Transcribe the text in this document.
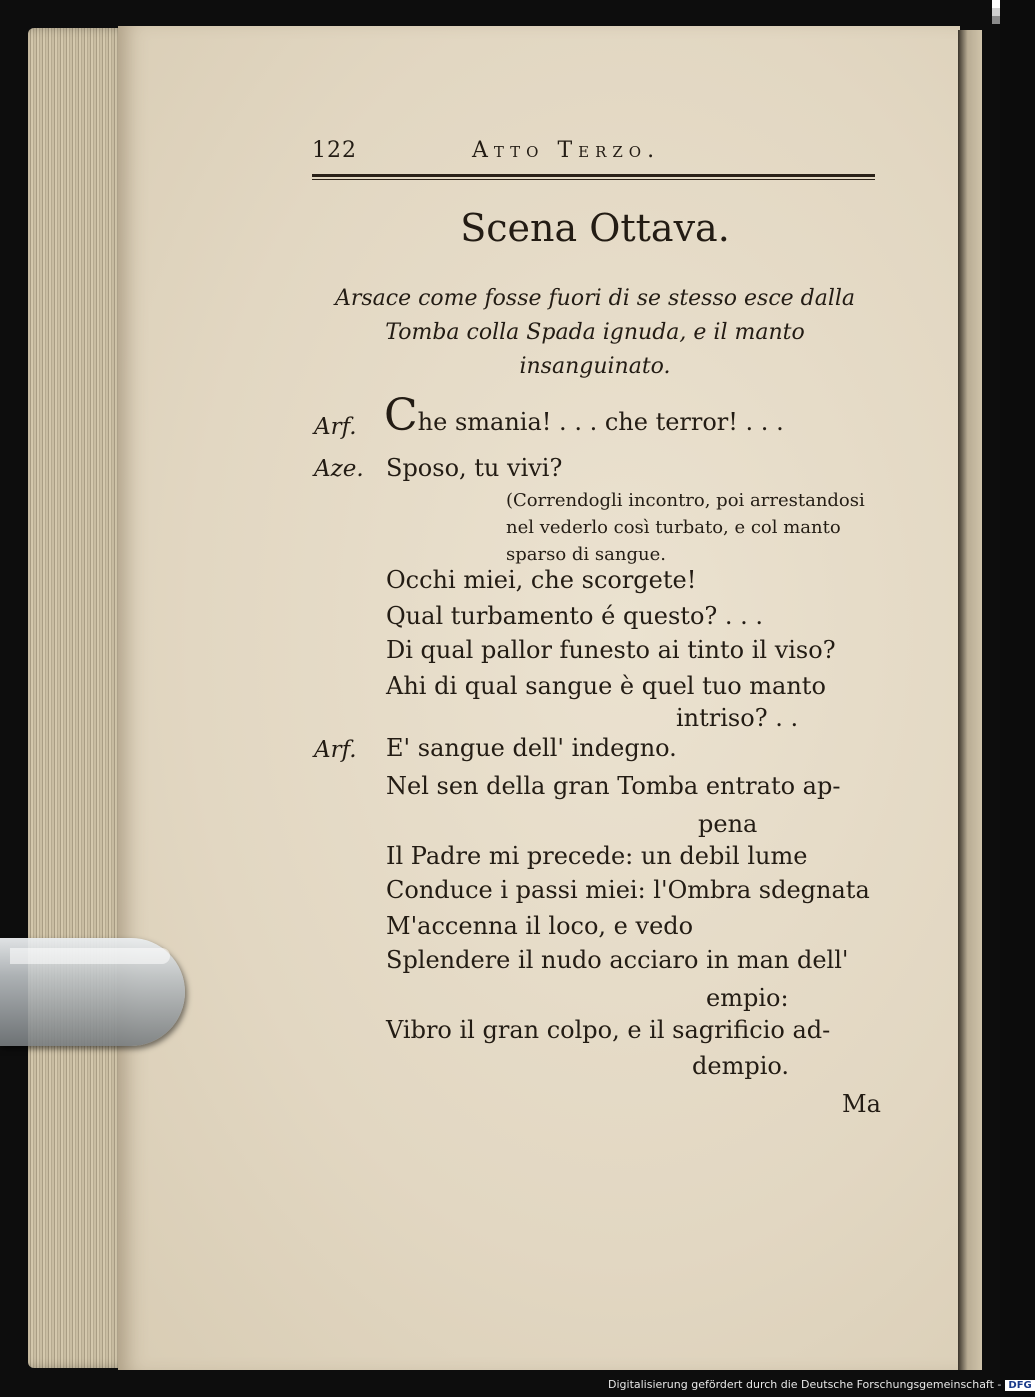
122	Atto Terzo.
Scena Ottava.
Arsace come fosse fuori di se stesso esce dalla Tomba colla Spada ignuda, e il manto insanguinato.
Arf. Che smania! . . . che terror! . . .
Aze. Sposo, tu vivi?
(Correndogli incontro, poi arrestandosi nel vederlo così turbato, e col manto sparso di sangue.
Occhi miei, che scorgete!
Qual turbamento é questo? . . .
Di qual pallor funesto ai tinto il viso?
Ahi di qual sangue è quel tuo manto
intriso? . .
Arf. E' sangue dell' indegno.
Nel sen della gran Tomba entrato ap-
pena
Il Padre mi precede: un debil lume
Conduce i passi miei: l'Ombra sdegnata
M'accenna il loco, e vedo
Splendere il nudo acciaro in man dell'
empio:
Vibro il gran colpo, e il sagrificio ad-
dempio.
Ma
Digitalisierung gefördert durch die Deutsche Forschungsgemeinschaft - DFG
